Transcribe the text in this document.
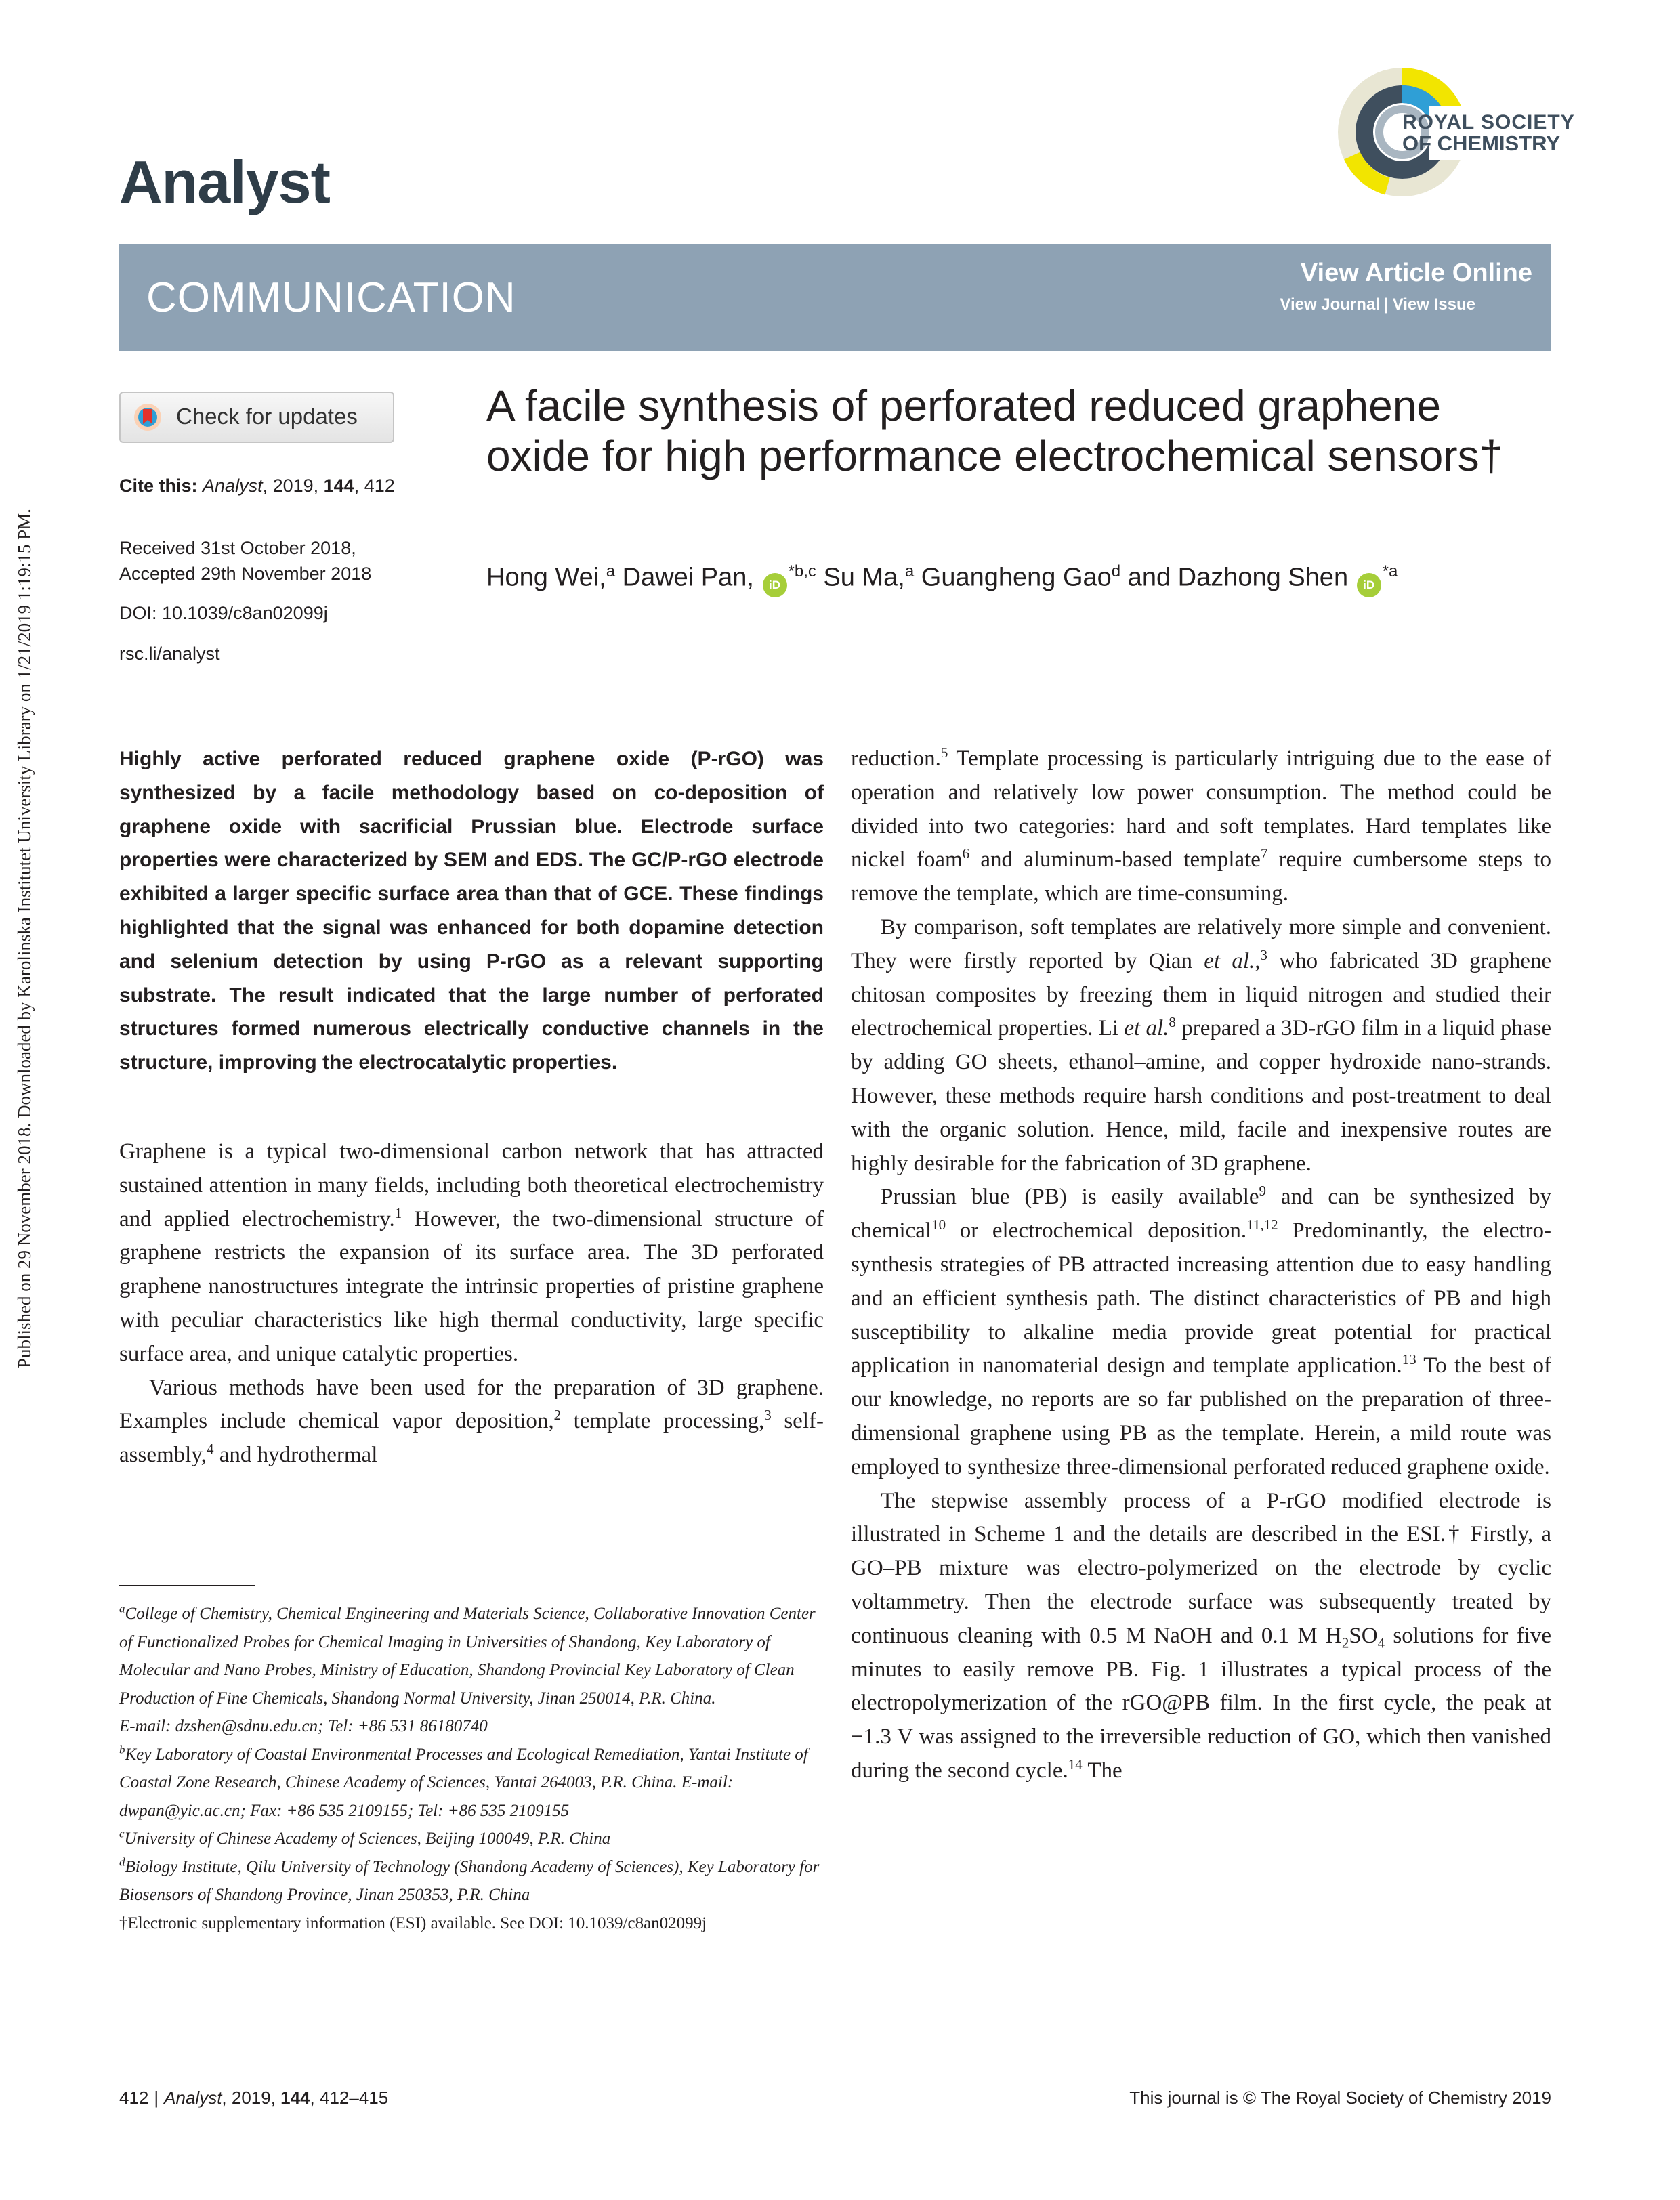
Published on 29 November 2018. Downloaded by Karolinska Institutet University Library on 1/21/2019 1:19:15 PM.
Analyst
ROYAL SOCIETY
OF CHEMISTRY
COMMUNICATION
View Article Online
View Journal | View Issue
Check for updates
Cite this: Analyst, 2019, 144, 412
Received 31st October 2018,
Accepted 29th November 2018
DOI: 10.1039/c8an02099j
rsc.li/analyst
A facile synthesis of perforated reduced graphene oxide for high performance electrochemical sensors†
Hong Wei,$^a$ Dawei Pan, iD$^{*b,c}$ Su Ma,$^a$ Guangheng Gao$^d$ and Dazhong Shen $iD^{*a}$
Highly active perforated reduced graphene oxide (P-rGO) was synthesized by a facile methodology based on co-deposition of graphene oxide with sacrificial Prussian blue. Electrode surface properties were characterized by SEM and EDS. The GC/P-rGO electrode exhibited a larger specific surface area than that of GCE. These findings highlighted that the signal was enhanced for both dopamine detection and selenium detection by using P-rGO as a relevant supporting substrate. The result indicated that the large number of perforated structures formed numerous electrically conductive channels in the structure, improving the electrocatalytic properties.

Graphene is a typical two-dimensional carbon network that has attracted sustained attention in many fields, including both theoretical electrochemistry and applied electrochemistry.$^1$ However, the two-dimensional structure of graphene restricts the expansion of its surface area. The 3D perforated graphene nanostructures integrate the intrinsic properties of pristine graphene with peculiar characteristics like high thermal conductivity, large specific surface area, and unique catalytic properties.

Various methods have been used for the preparation of 3D graphene. Examples include chemical vapor deposition,$^2$ template processing,$^3$ self-assembly,$^4$ and hydrothermal

reduction.$^5$ Template processing is particularly intriguing due to the ease of operation and relatively low power consumption. The method could be divided into two categories: hard and soft templates. Hard templates like nickel foam$^6$ and aluminum-based template$^7$ require cumbersome steps to remove the template, which are time-consuming.

By comparison, soft templates are relatively more simple and convenient. They were firstly reported by Qian et al.,$^3$ who fabricated 3D graphene chitosan composites by freezing them in liquid nitrogen and studied their electrochemical properties. Li et al.$^8$ prepared a 3D-rGO film in a liquid phase by adding GO sheets, ethanol–amine, and copper hydroxide nano-strands. However, these methods require harsh conditions and post-treatment to deal with the organic solution. Hence, mild, facile and inexpensive routes are highly desirable for the fabrication of 3D graphene.

Prussian blue (PB) is easily available$^9$ and can be synthesized by chemical$^{10}$ or electrochemical deposition.$^{11,12}$ Predominantly, the electro-synthesis strategies of PB attracted increasing attention due to easy handling and an efficient synthesis path. The distinct characteristics of PB and high susceptibility to alkaline media provide great potential for practical application in nanomaterial design and template application.$^{13}$ To the best of our knowledge, no reports are so far published on the preparation of three-dimensional graphene using PB as the template. Herein, a mild route was employed to synthesize three-dimensional perforated reduced graphene oxide.

The stepwise assembly process of a P-rGO modified electrode is illustrated in Scheme 1 and the details are described in the ESI.† Firstly, a GO–PB mixture was electro-polymerized on the electrode by cyclic voltammetry. Then the electrode surface was subsequently treated by continuous cleaning with 0.5 M NaOH and 0.1 M $H_2SO_4$ solutions for five minutes to easily remove PB. Fig. 1 illustrates a typical process of the electropolymerization of the rGO@PB film. In the first cycle, the peak at −1.3 V was assigned to the irreversible reduction of GO, which then vanished during the second cycle.$^{14}$ The

$^a$College of Chemistry, Chemical Engineering and Materials Science, Collaborative Innovation Center of Functionalized Probes for Chemical Imaging in Universities of Shandong, Key Laboratory of Molecular and Nano Probes, Ministry of Education, Shandong Provincial Key Laboratory of Clean Production of Fine Chemicals, Shandong Normal University, Jinan 250014, P.R. China.

E-mail: dzshen@sdnu.edu.cn; Tel: +86 531 86180740

$^b$Key Laboratory of Coastal Environmental Processes and Ecological Remediation, Yantai Institute of Coastal Zone Research, Chinese Academy of Sciences, Yantai 264003, P.R. China. E-mail: dwpan@yic.ac.cn; Fax: +86 535 2109155; Tel: +86 535 2109155

$^c$University of Chinese Academy of Sciences, Beijing 100049, P.R. China

$^d$Biology Institute, Qilu University of Technology (Shandong Academy of Sciences), Key Laboratory for Biosensors of Shandong Province, Jinan 250353, P.R. China

†Electronic supplementary information (ESI) available. See DOI: 10.1039/c8an02099j

412 | Analyst, 2019, 144, 412–415	This journal is © The Royal Society of Chemistry 2019
